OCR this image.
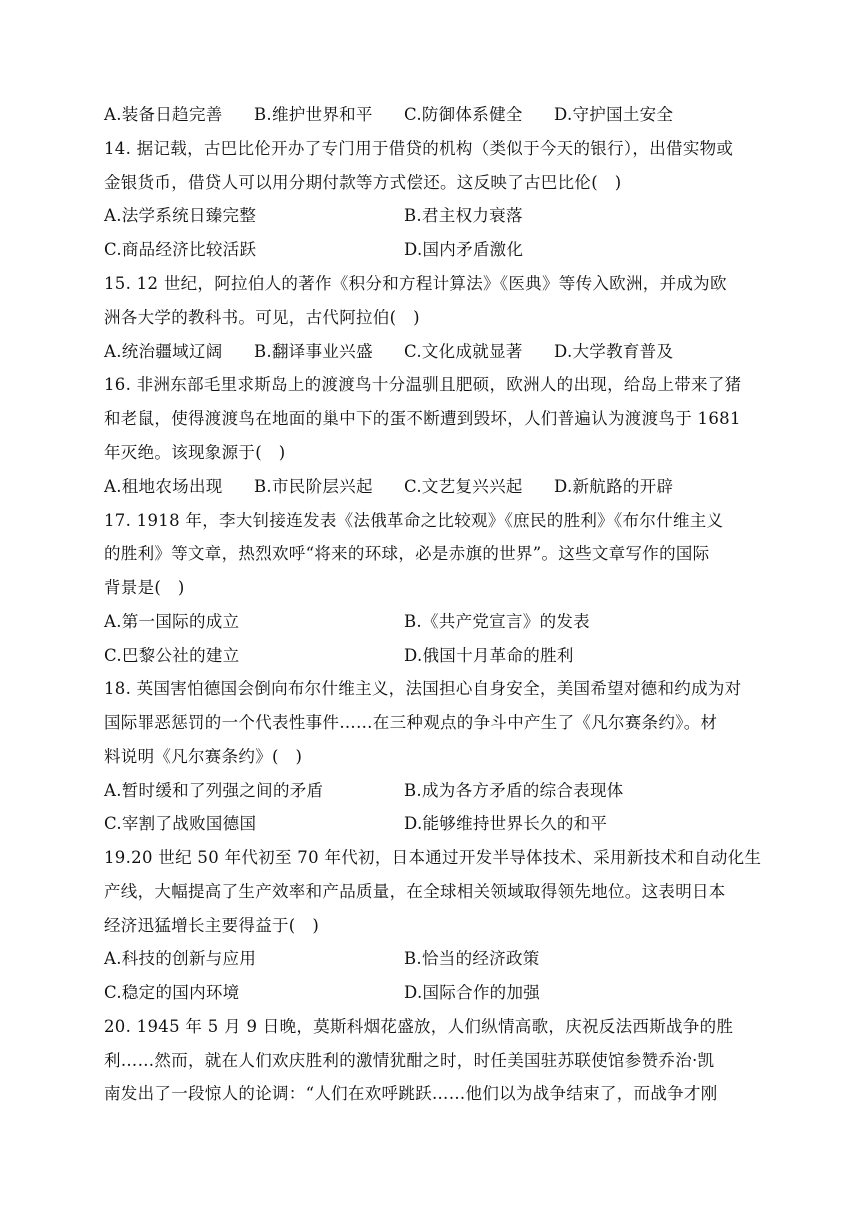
A.装备日趋完善 B.维护世界和平 C.防御体系健全 D.守护国土安全
14. 据记载，古巴比伦开办了专门用于借贷的机构（类似于今天的银行），出借实物或
金银货币，借贷人可以用分期付款等方式偿还。这反映了古巴比伦(　)
A.法学系统日臻完整	B.君主权力衰落
C.商品经济比较活跃	D.国内矛盾激化
15. 12 世纪，阿拉伯人的著作《积分和方程计算法》《医典》等传入欧洲，并成为欧
洲各大学的教科书。可见，古代阿拉伯(　)
A.统治疆域辽阔 B.翻译事业兴盛 C.文化成就显著 D.大学教育普及
16. 非洲东部毛里求斯岛上的渡渡鸟十分温驯且肥硕，欧洲人的出现，给岛上带来了猪
和老鼠，使得渡渡鸟在地面的巢中下的蛋不断遭到毁坏，人们普遍认为渡渡鸟于 1681
年灭绝。该现象源于(　)
A.租地农场出现 B.市民阶层兴起 C.文艺复兴兴起 D.新航路的开辟
17. 1918 年，李大钊接连发表《法俄革命之比较观》《庶民的胜利》《布尔什维主义
的胜利》等文章，热烈欢呼“将来的环球，必是赤旗的世界”。这些文章写作的国际
背景是(　)
A.第一国际的成立	B.《共产党宣言》的发表
C.巴黎公社的建立	D.俄国十月革命的胜利
18. 英国害怕德国会倒向布尔什维主义，法国担心自身安全，美国希望对德和约成为对
国际罪恶惩罚的一个代表性事件……在三种观点的争斗中产生了《凡尔赛条约》。材
料说明《凡尔赛条约》(　)
A.暂时缓和了列强之间的矛盾	B.成为各方矛盾的综合表现体
C.宰割了战败国德国	D.能够维持世界长久的和平
19.20 世纪 50 年代初至 70 年代初，日本通过开发半导体技术、采用新技术和自动化生
产线，大幅提高了生产效率和产品质量，在全球相关领域取得领先地位。这表明日本
经济迅猛增长主要得益于(　)
A.科技的创新与应用	B.恰当的经济政策
C.稳定的国内环境	D.国际合作的加强
20. 1945 年 5 月 9 日晚，莫斯科烟花盛放，人们纵情高歌，庆祝反法西斯战争的胜
利……然而，就在人们欢庆胜利的激情犹酣之时，时任美国驻苏联使馆参赞乔治·凯
南发出了一段惊人的论调：“人们在欢呼跳跃……他们以为战争结束了，而战争才刚
